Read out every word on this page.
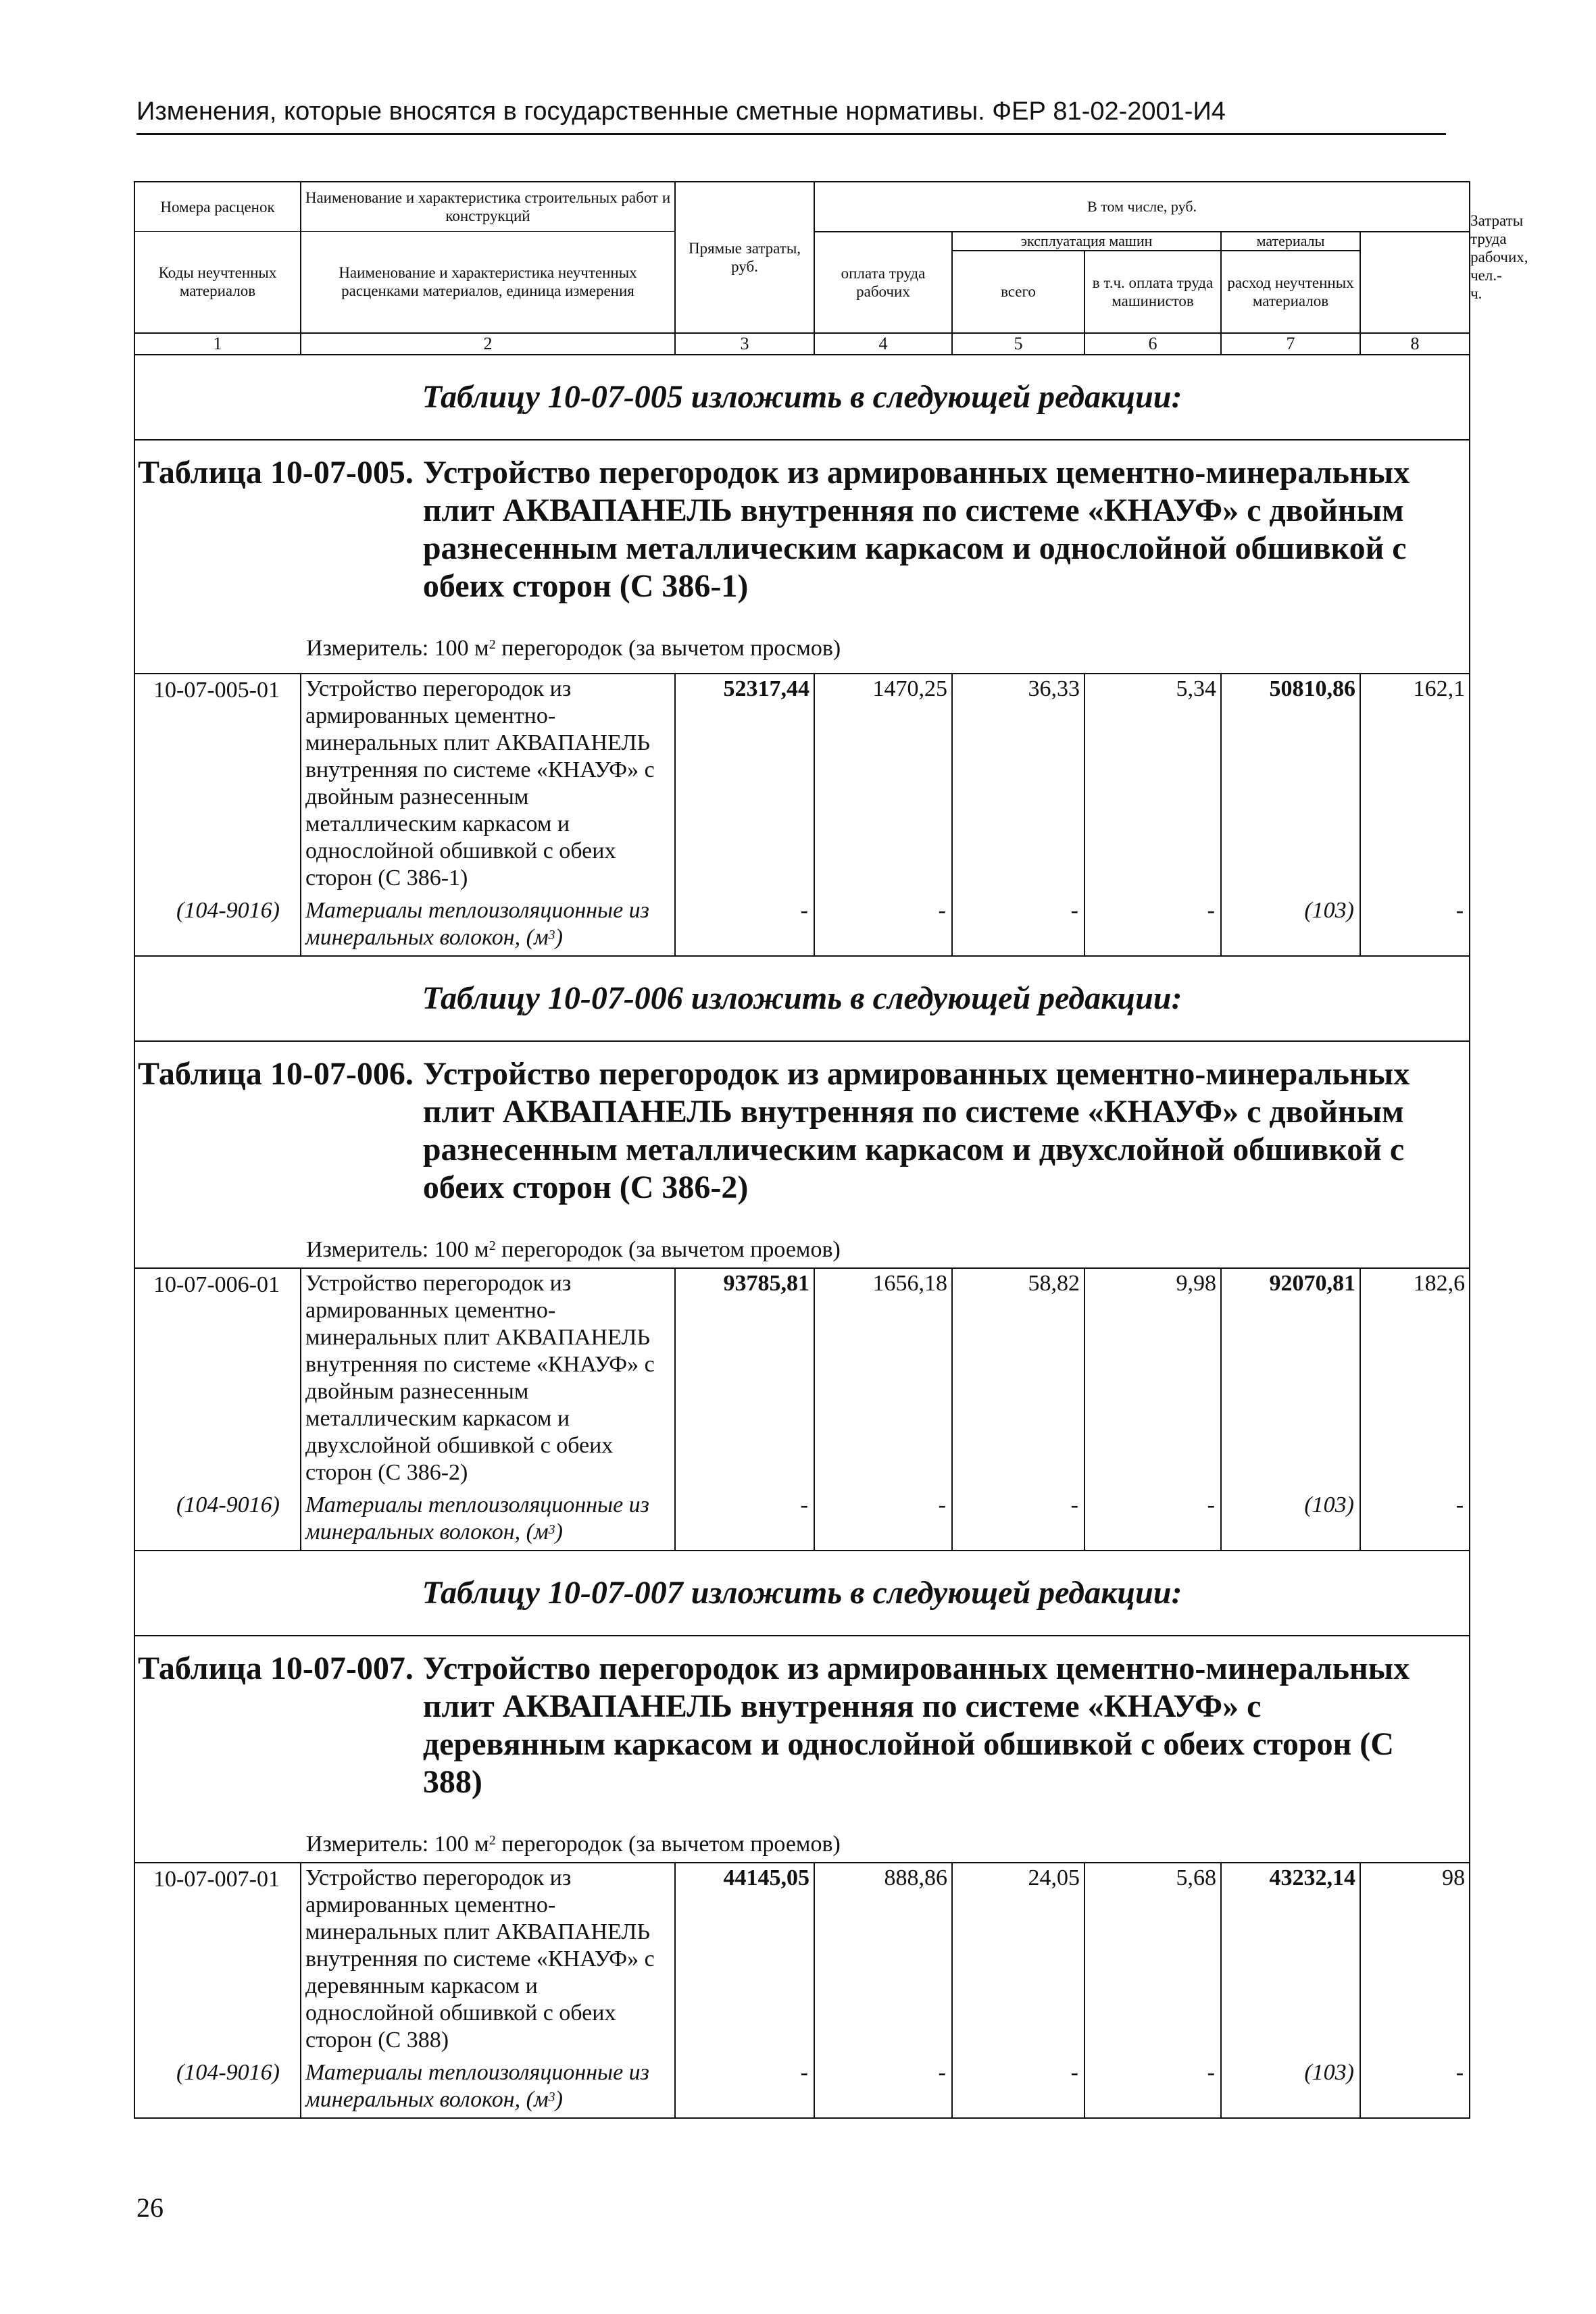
Изменения, которые вносятся в государственные сметные нормативы. ФЕР 81-02-2001-И4
Номера расценок	Наименование и характеристика строительных работ и конструкций	Прямые затраты, руб.	В том числе, руб.					Затраты труда рабочих, чел.-ч.
Коды неучтенных материалов	Наименование и характеристика неучтенных расценками материалов, единица измерения		оплата труда рабочих	эксплуатация машин		материалы		
				всего	в т.ч. оплата труда машинистов	расход неучтенных материалов		
1	2	3	4	5	6	7	8	
Таблицу 10-07-005 изложить в следующей редакции:								

Таблица 10-07-005. Устройство перегородок из армированных цементно-минеральных плит АКВАПАНЕЛЬ внутренняя по системе «КНАУФ» с двойным разнесенным металлическим каркасом и однослойной обшивкой с обеих сторон (С 386-1)
Измеритель: 100 $м^2$ перегородок (за вычетом просмов)								

10-07-005-01	Устройство перегородок из армированных цементно-минеральных плит АКВАПАНЕЛЬ внутренняя по системе «КНАУФ» с двойным разнесенным металлическим каркасом и однослойной обшивкой с обеих сторон (С 386-1)	52317,44	1470,25	36,33	5,34	50810,86	162,1	
(104-9016)	Материалы теплоизоляционные из минеральных волокон, $(м^3)$	-	-	-	-	(103)	-	
Таблицу 10-07-006 изложить в следующей редакции:								

Таблица 10-07-006. Устройство перегородок из армированных цементно-минеральных плит АКВАПАНЕЛЬ внутренняя по системе «КНАУФ» с двойным разнесенным металлическим каркасом и двухслойной обшивкой с обеих сторон (С 386-2)
Измеритель: 100 $м^2$ перегородок (за вычетом проемов)								

10-07-006-01	Устройство перегородок из армированных цементно-минеральных плит АКВАПАНЕЛЬ внутренняя по системе «КНАУФ» с двойным разнесенным металлическим каркасом и двухслойной обшивкой с обеих сторон (С 386-2)	93785,81	1656,18	58,82	9,98	92070,81	182,6	
(104-9016)	Материалы теплоизоляционные из минеральных волокон, $(м^3)$	-	-	-	-	(103)	-	
Таблицу 10-07-007 изложить в следующей редакции:								

Таблица 10-07-007. Устройство перегородок из армированных цементно-минеральных плит АКВАПАНЕЛЬ внутренняя по системе «КНАУФ» с деревянным каркасом и однослойной обшивкой с обеих сторон (С 388)
Измеритель: 100 $м^2$ перегородок (за вычетом проемов)								

10-07-007-01	Устройство перегородок из армированных цементно-минеральных плит АКВАПАНЕЛЬ внутренняя по системе «КНАУФ» с деревянным каркасом и однослойной обшивкой с обеих сторон (С 388)	44145,05	888,86	24,05	5,68	43232,14	98	
(104-9016)	Материалы теплоизоляционные из минеральных волокон, $(м^3)$	-	-	-	-	(103)	-	
26
